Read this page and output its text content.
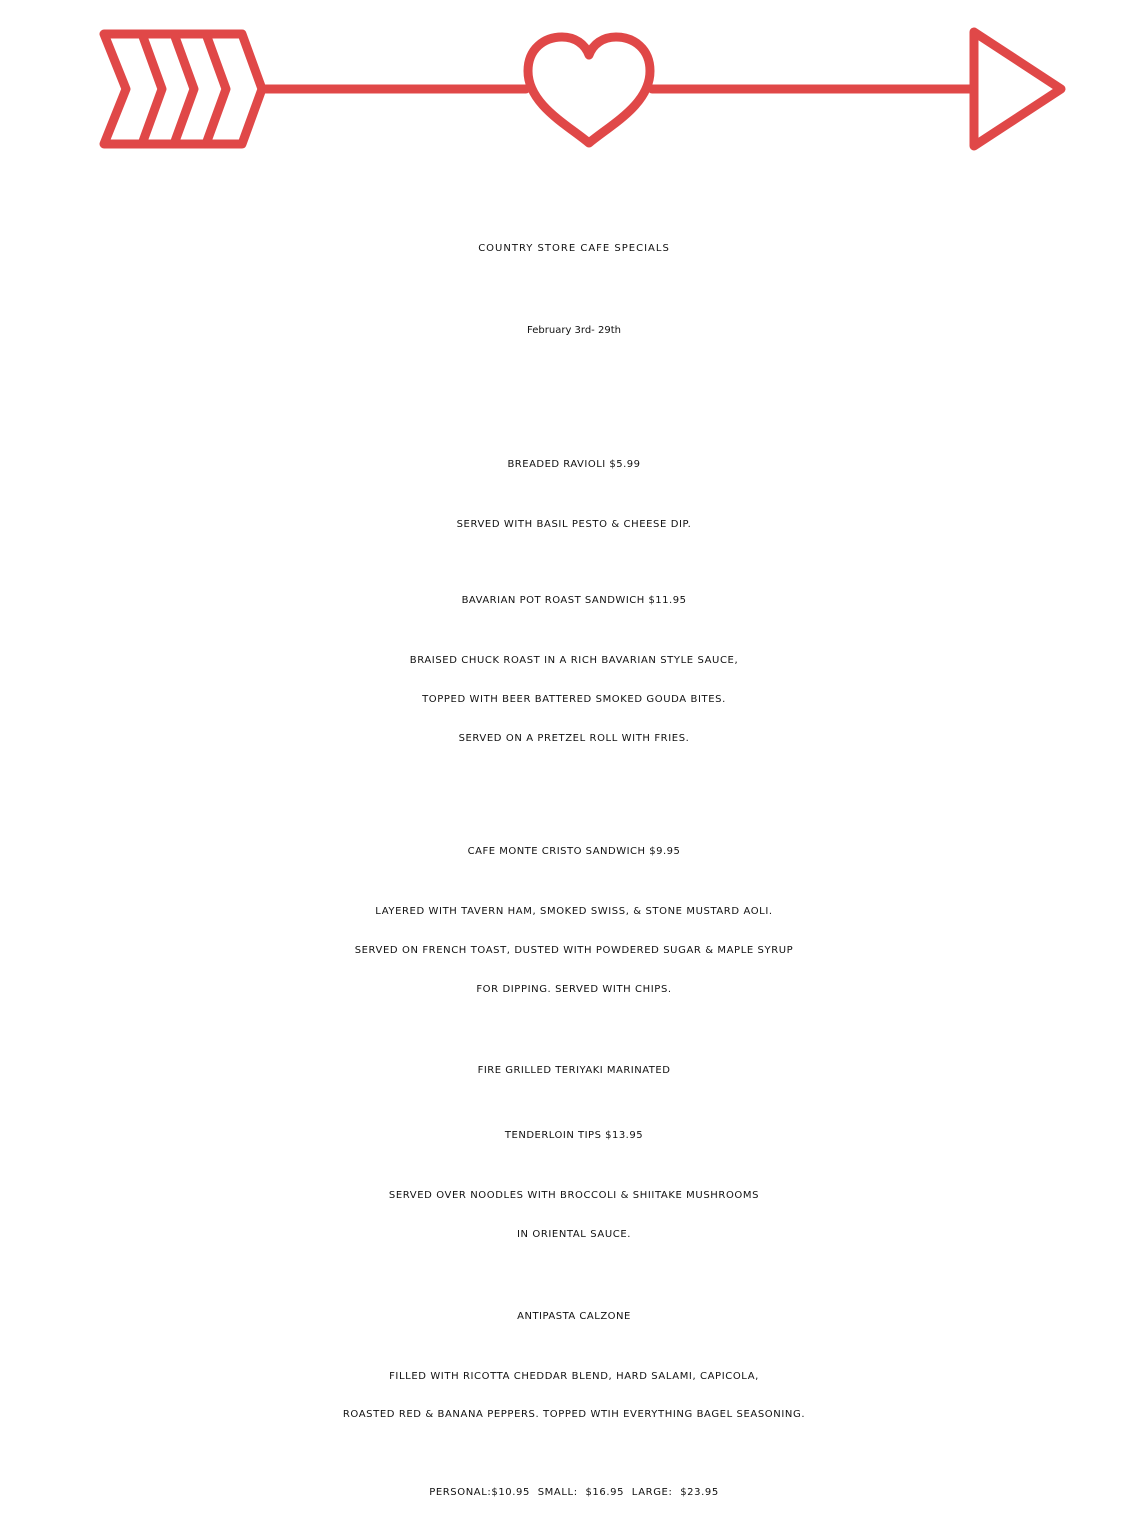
COUNTRY STORE CAFE SPECIALS
February 3rd- 29th
BREADED RAVIOLI $5.99
SERVED WITH BASIL PESTO & CHEESE DIP.
BAVARIAN POT ROAST SANDWICH $11.95
BRAISED CHUCK ROAST IN A RICH BAVARIAN STYLE SAUCE,
TOPPED WITH BEER BATTERED SMOKED GOUDA BITES.
SERVED ON A PRETZEL ROLL WITH FRIES.
CAFE MONTE CRISTO SANDWICH $9.95
LAYERED WITH TAVERN HAM, SMOKED SWISS, & STONE MUSTARD AOLI.
SERVED ON FRENCH TOAST, DUSTED WITH POWDERED SUGAR & MAPLE SYRUP
FOR DIPPING. SERVED WITH CHIPS.
FIRE GRILLED TERIYAKI MARINATED
TENDERLOIN TIPS $13.95
SERVED OVER NOODLES WITH BROCCOLI & SHIITAKE MUSHROOMS
IN ORIENTAL SAUCE.
ANTIPASTA CALZONE
FILLED WITH RICOTTA CHEDDAR BLEND, HARD SALAMI, CAPICOLA,
ROASTED RED & BANANA PEPPERS. TOPPED WTIH EVERYTHING BAGEL SEASONING.
PERSONAL:$10.95 SMALL: $16.95 LARGE: $23.95
